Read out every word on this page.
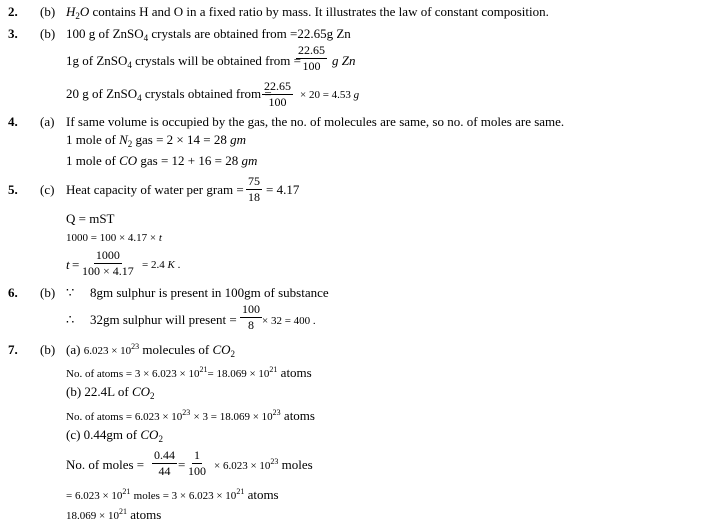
2. (b) $H_2O$ contains H and O in a fixed ratio by mass. It illustrates the law of constant composition.
3. (b) 100 g of ZnSO$_4$ crystals are obtained from =22.65g Zn
1g of ZnSO$_4$ crystals will be obtained from =
$\frac{22.65}{100}$ g Zn
20 g of ZnSO$_4$ crystals obtained from =
$\frac{22.65}{100} \times 20 = 4.53$ g
4. (a) If same volume is occupied by the gas, the no. of molecules are same, so no. of moles are same.
1 mole of $N_2$ gas = 2 × 14 = 28 gm
1 mole of CO gas = 12 + 16 = 28 gm
5. (c) Heat capacity of water per gram = $\frac{75}{18} = 4.17$
Q = mST
1000 = 100 × 4.17 × t
$t = \frac{1000}{100 \times 4.17} = 2.4$ K .
6. (b) ∵ 8gm sulphur is present in 100gm of substance
∴ 32gm sulphur will present = $\frac{100}{8} \times 32 = 400$ .
7. (b) (a) $6.023 \times 10^{23}$ molecules of $CO_2$
No. of atoms = $3 \times 6.023 \times 10^{21}= 18.069 \times 10^{21}$ atoms
(b) 22.4L of $CO_2$
No. of atoms = $6.023 \times 10^{23} \times 3 = 18.069 \times 10^{23}$ atoms
(c) 0.44gm of $CO_2$
No. of moles = $\frac{0.44}{44} = \frac{1}{100} \times 6.023 \times 10^{23}$ moles
= $6.023 \times 10^{21}$ moles = $3 \times 6.023 \times 10^{21}$ atoms
$18.069 \times 10^{21}$ atoms
